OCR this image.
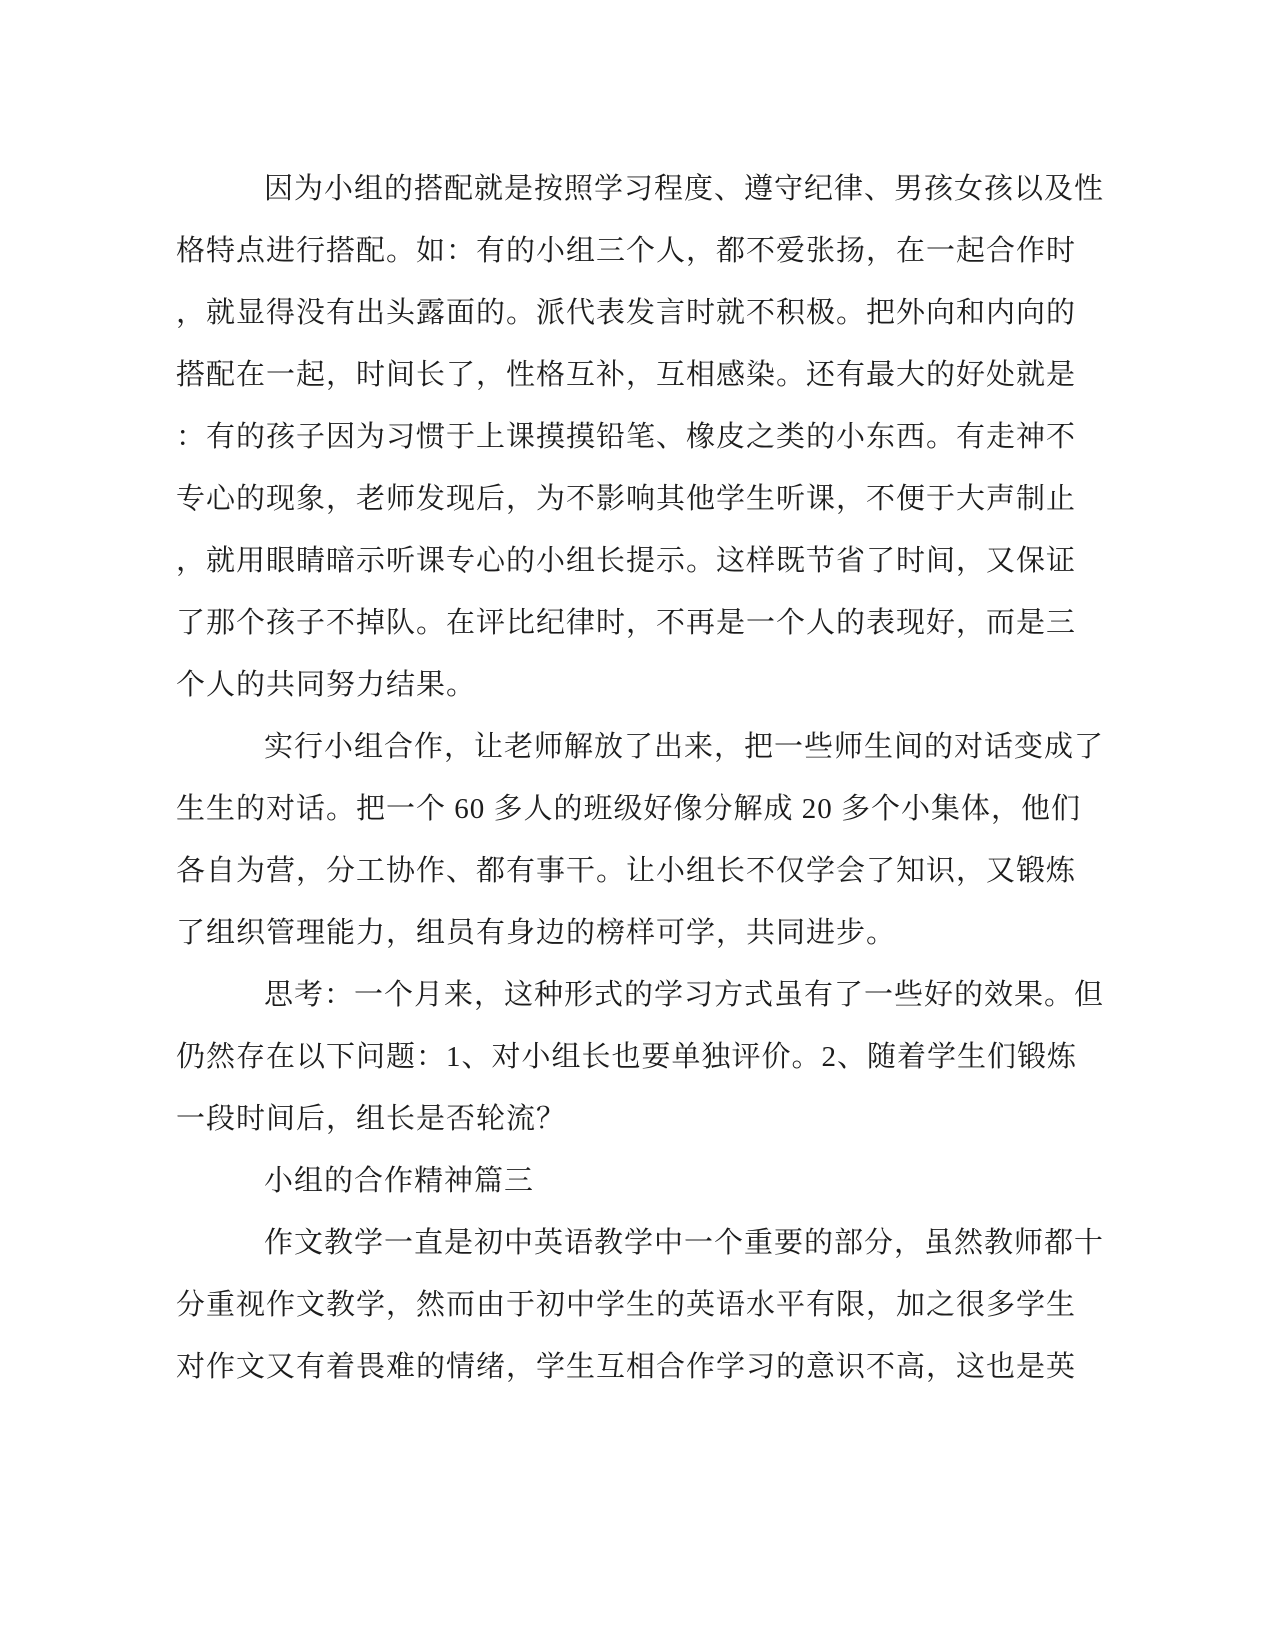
因为小组的搭配就是按照学习程度、遵守纪律、男孩女孩以及性
格特点进行搭配。如：有的小组三个人，都不爱张扬，在一起合作时
，就显得没有出头露面的。派代表发言时就不积极。把外向和内向的
搭配在一起，时间长了，性格互补，互相感染。还有最大的好处就是
：有的孩子因为习惯于上课摸摸铅笔、橡皮之类的小东西。有走神不
专心的现象，老师发现后，为不影响其他学生听课，不便于大声制止
，就用眼睛暗示听课专心的小组长提示。这样既节省了时间，又保证
了那个孩子不掉队。在评比纪律时，不再是一个人的表现好，而是三
个人的共同努力结果。
实行小组合作，让老师解放了出来，把一些师生间的对话变成了
生生的对话。把一个 60 多人的班级好像分解成 20 多个小集体，他们
各自为营，分工协作、都有事干。让小组长不仅学会了知识，又锻炼
了组织管理能力，组员有身边的榜样可学，共同进步。
思考：一个月来，这种形式的学习方式虽有了一些好的效果。但
仍然存在以下问题：1、对小组长也要单独评价。2、随着学生们锻炼
一段时间后，组长是否轮流？
小组的合作精神篇三
作文教学一直是初中英语教学中一个重要的部分，虽然教师都十
分重视作文教学，然而由于初中学生的英语水平有限，加之很多学生
对作文又有着畏难的情绪，学生互相合作学习的意识不高，这也是英
